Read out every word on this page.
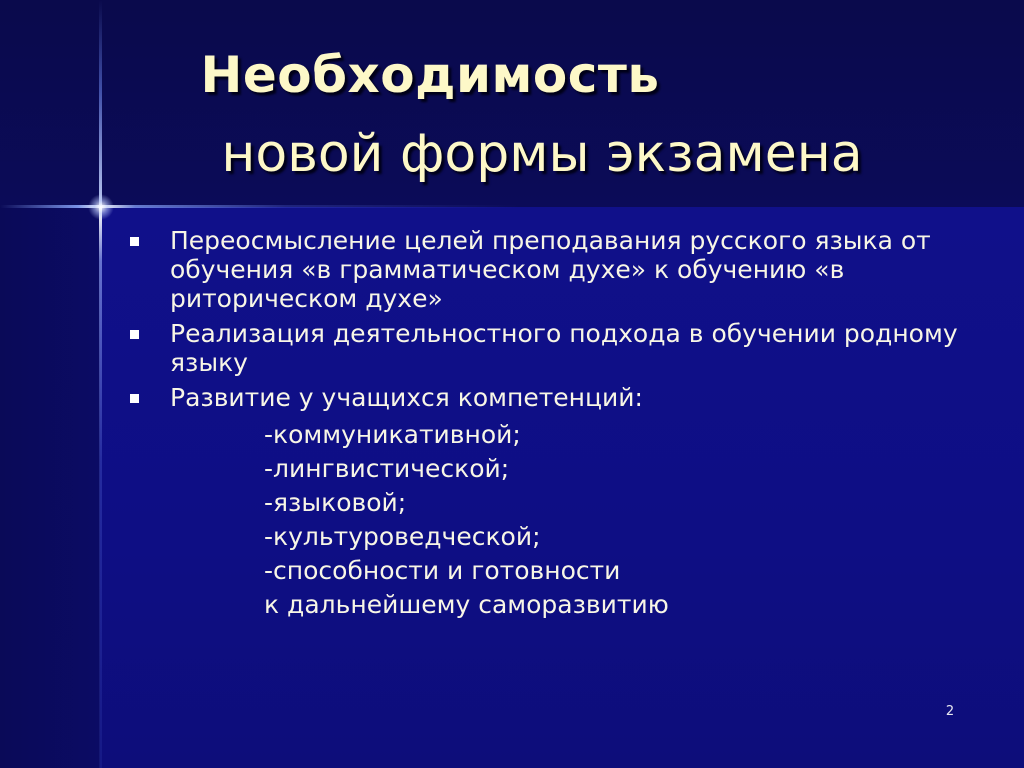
Необходимость
новой формы экзамена
Переосмысление целей преподавания русского языка от обучения «в грамматическом духе» к обучению «в риторическом духе»
Реализация деятельностного подхода в обучении родному языку
Развитие у учащихся компетенций:
-коммуникативной;
-лингвистической;
-языковой;
-культуроведческой;
-способности и готовности
к дальнейшему саморазвитию
2
